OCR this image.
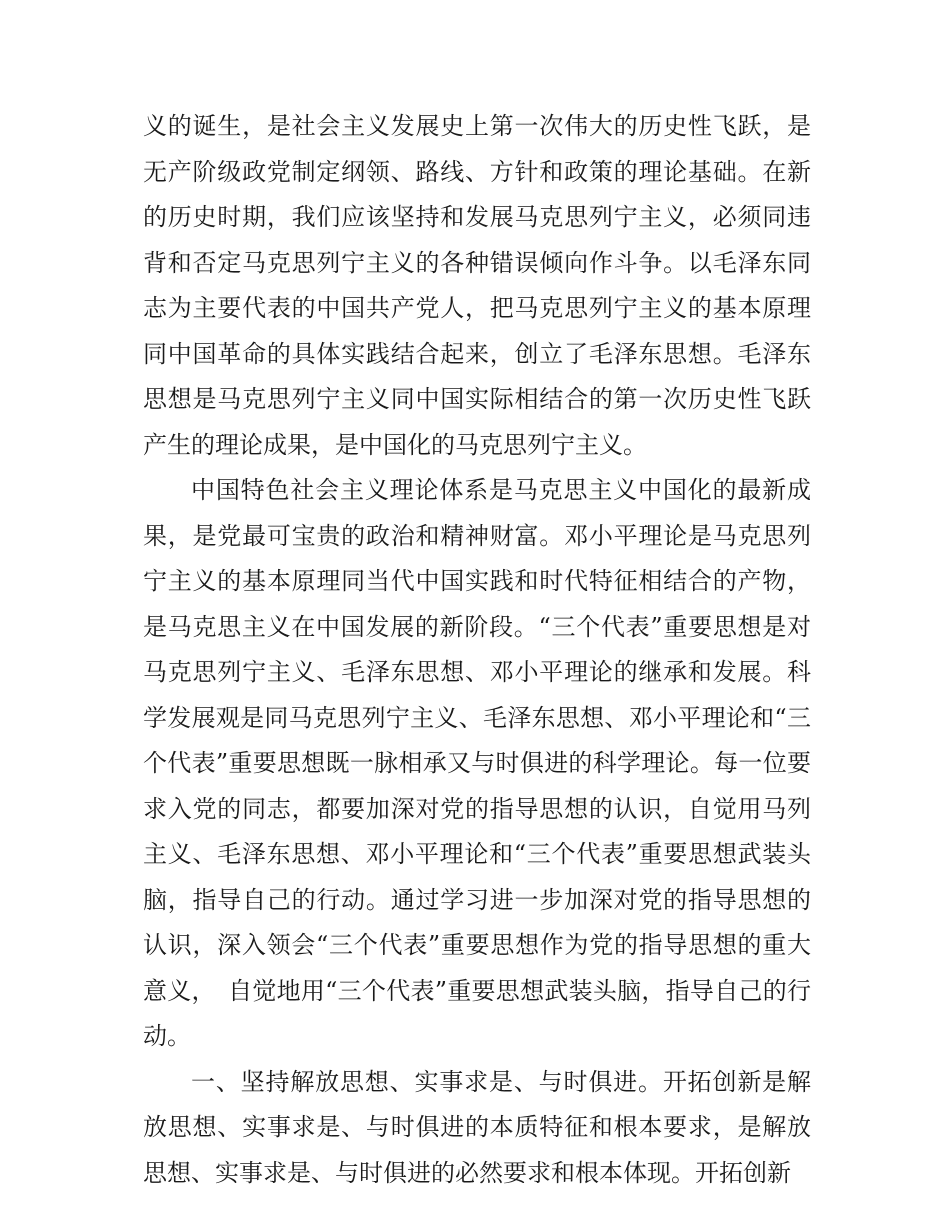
义的诞生，是社会主义发展史上第一次伟大的历史性飞跃，是无产阶级政党制定纲领、路线、方针和政策的理论基础。在新的历史时期，我们应该坚持和发展马克思列宁主义，必须同违背和否定马克思列宁主义的各种错误倾向作斗争。以毛泽东同志为主要代表的中国共产党人，把马克思列宁主义的基本原理同中国革命的具体实践结合起来，创立了毛泽东思想。毛泽东思想是马克思列宁主义同中国实际相结合的第一次历史性飞跃产生的理论成果，是中国化的马克思列宁主义。

中国特色社会主义理论体系是马克思主义中国化的最新成果，是党最可宝贵的政治和精神财富。邓小平理论是马克思列宁主义的基本原理同当代中国实践和时代特征相结合的产物，是马克思主义在中国发展的新阶段。“三个代表”重要思想是对马克思列宁主义、毛泽东思想、邓小平理论的继承和发展。科学发展观是同马克思列宁主义、毛泽东思想、邓小平理论和“三个代表”重要思想既一脉相承又与时俱进的科学理论。每一位要求入党的同志，都要加深对党的指导思想的认识，自觉用马列主义、毛泽东思想、邓小平理论和“三个代表”重要思想武装头脑，指导自己的行动。通过学习进一步加深对党的指导思想的认识，深入领会“三个代表”重要思想作为党的指导思想的重大意义，　自觉地用“三个代表”重要思想武装头脑，指导自己的行动。

一、坚持解放思想、实事求是、与时俱进。开拓创新是解放思想、实事求是、与时俱进的本质特征和根本要求，是解放思想、实事求是、与时俱进的必然要求和根本体现。开拓创新
